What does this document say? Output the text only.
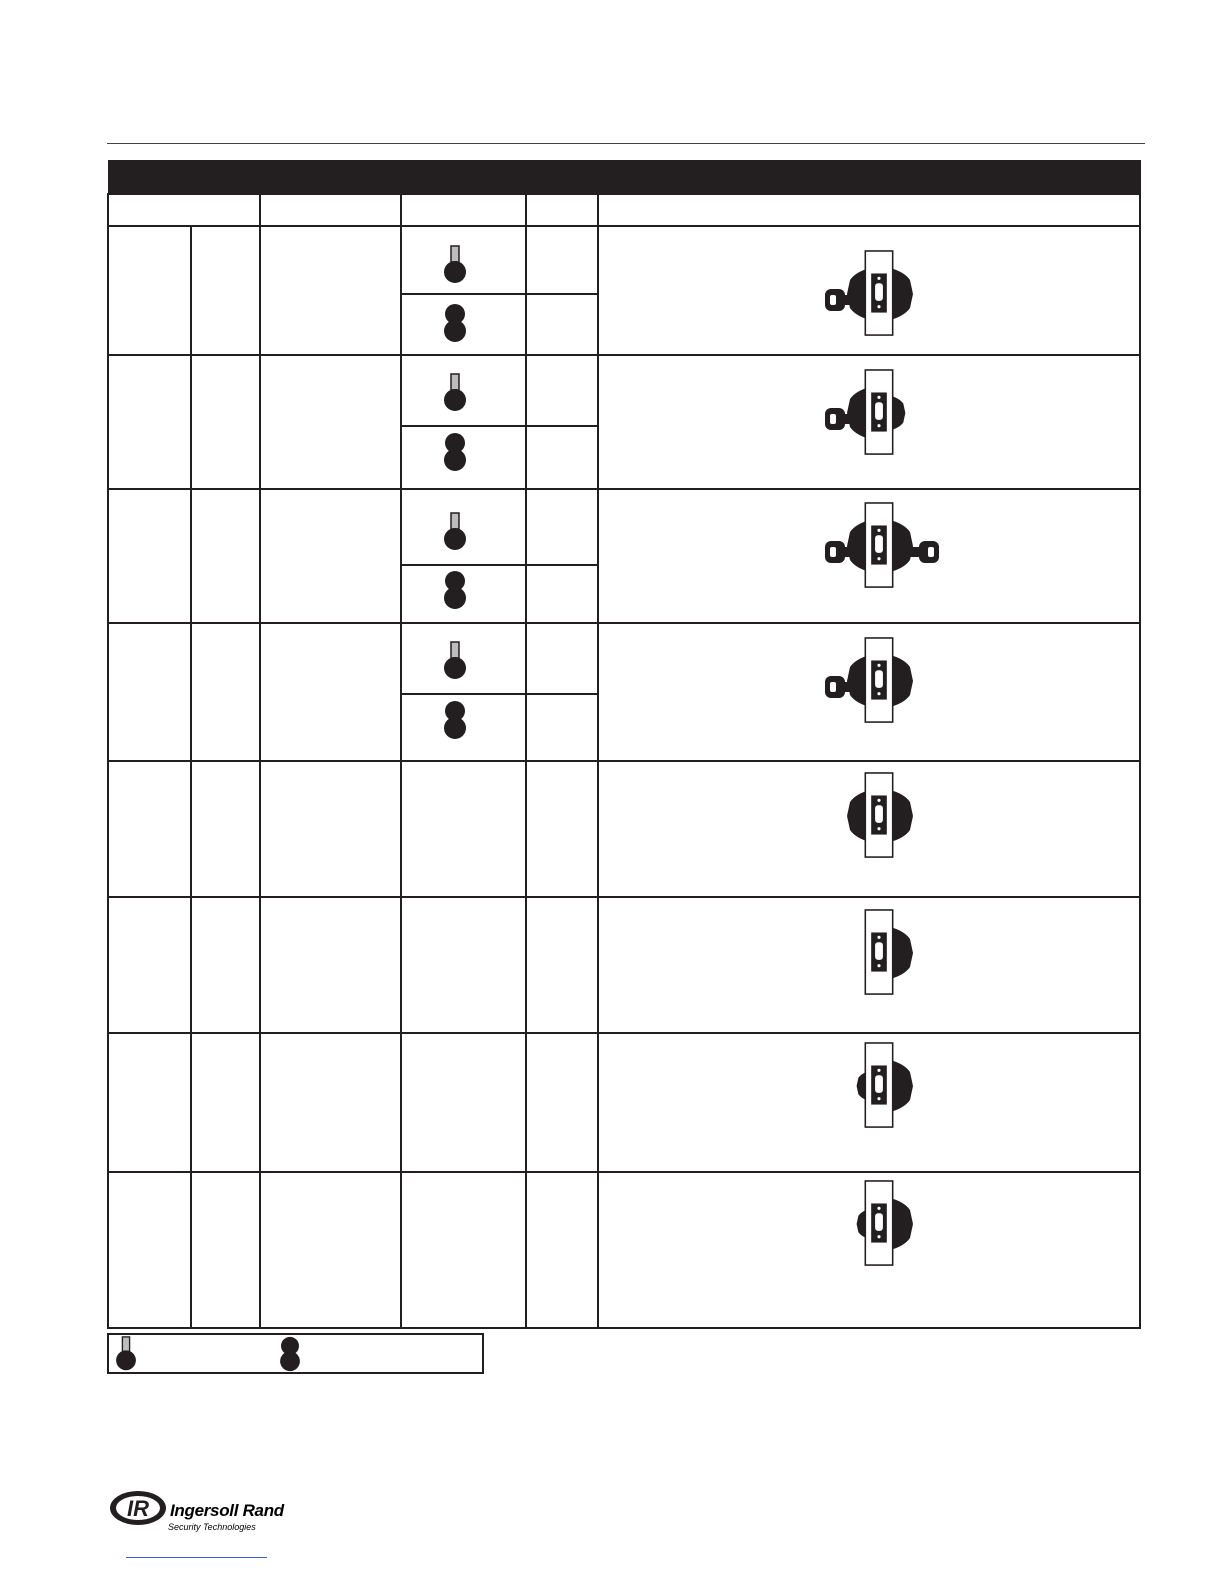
IR Ingersoll Rand
Security Technologies
